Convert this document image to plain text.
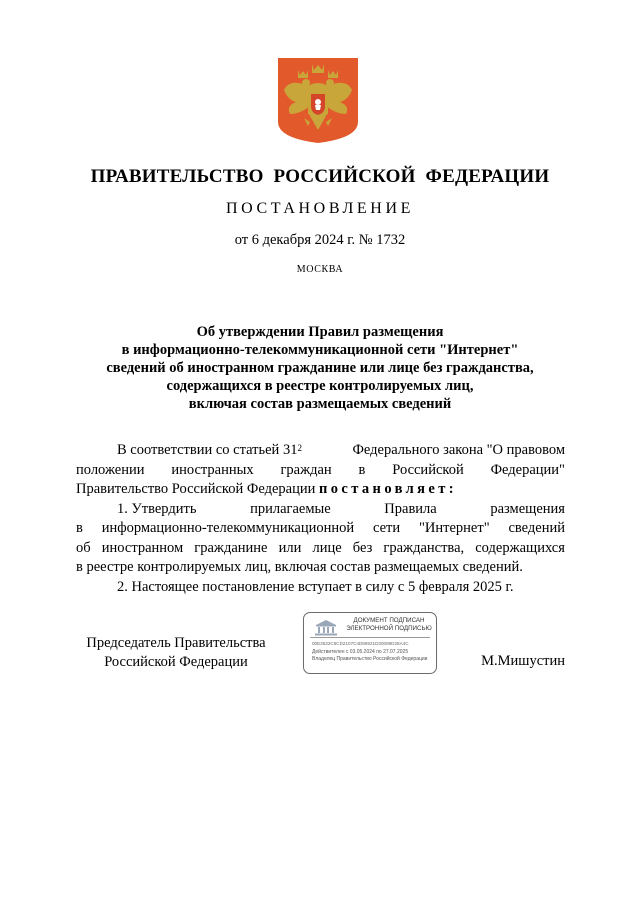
ПРАВИТЕЛЬСТВО РОССИЙСКОЙ ФЕДЕРАЦИИ
ПОСТАНОВЛЕНИЕ
от 6 декабря 2024 г. № 1732
МОСКВА
Об утверждении Правил размещения
в информационно-телекоммуникационной сети "Интернет"
сведений об иностранном гражданине или лице без гражданства,
содержащихся в реестре контролируемых лиц,
включая состав размещаемых сведений
В соответствии со статьей $31^2$	Федерального закона "О правовом
положении иностранных граждан в Российской Федерации"
Правительство Российской Федерации постановляет:
1. Утвердить	прилагаемые	Правила	размещения
в информационно-телекоммуникационной сети "Интернет" сведений
об иностранном гражданине или лице без гражданства, содержащихся
в реестре контролируемых лиц, включая состав размещаемых сведений.
2. Настоящее постановление вступает в силу с 5 февраля 2025 г.
Председатель Правительства
Российской Федерации	М.Мишустин
ДОКУМЕНТ ПОДПИСАН
ЭЛЕКТРОННОЙ ПОДПИСЬЮ
00E3632C6CD2107C4D86921D30089D28A4C
Действителен с 03.05.2024 по 27.07.2025
Владелец Правительство Российской Федерации
